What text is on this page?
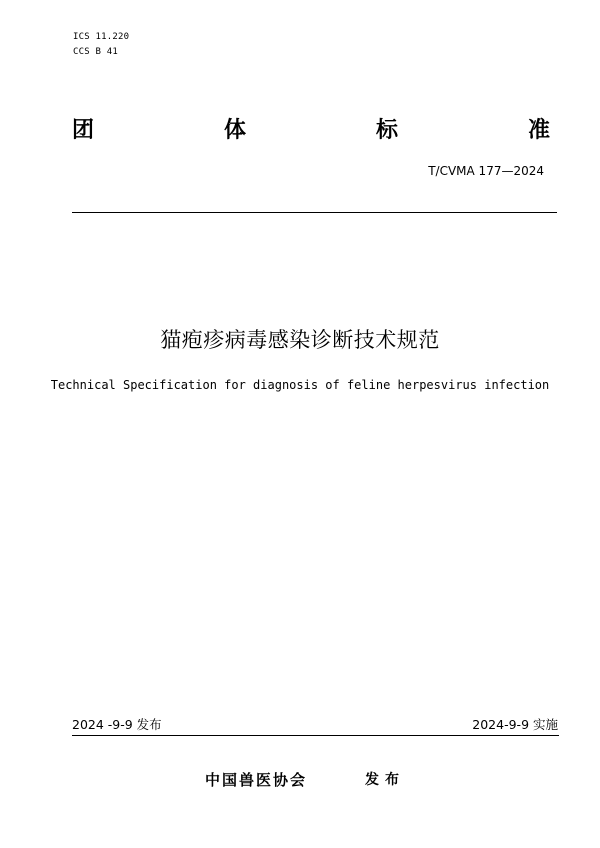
ICS 11.220
CCS B 41
团	体	标	准
T/CVMA 177—2024
猫疱疹病毒感染诊断技术规范
Technical Specification for diagnosis of feline herpesvirus infection
2024 -9-9 发布	2024-9-9 实施
中国兽医协会	发布
